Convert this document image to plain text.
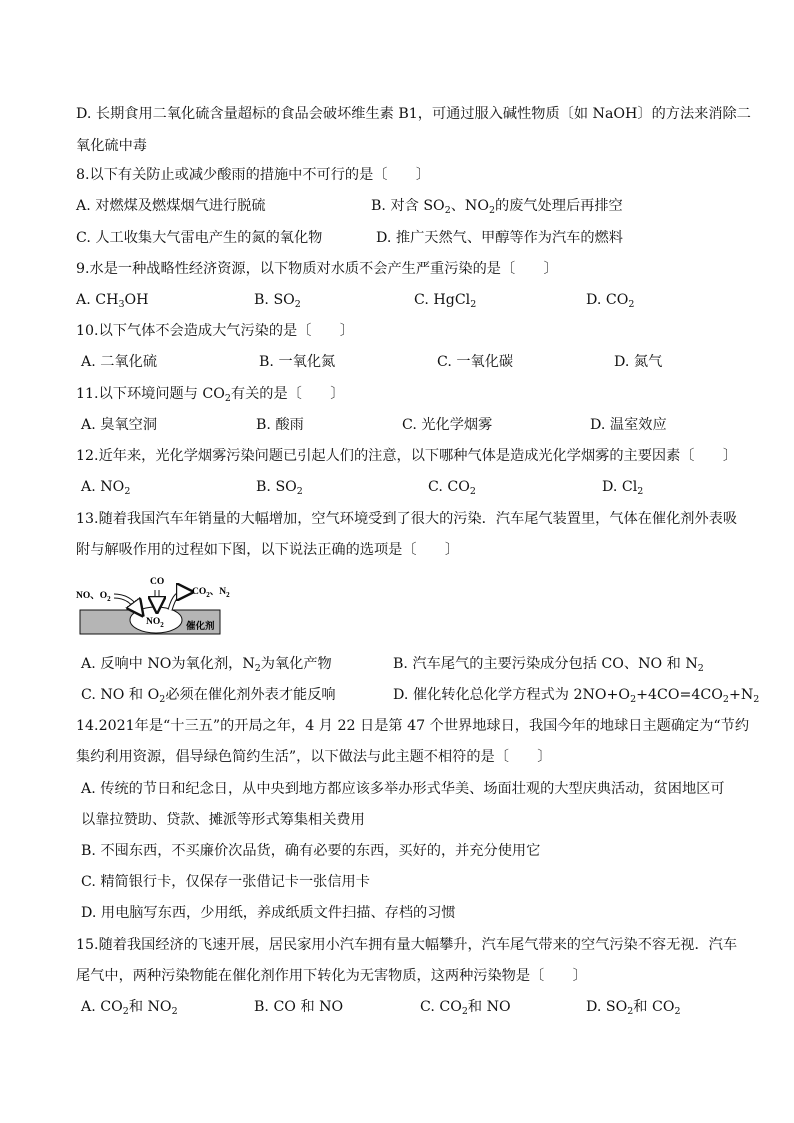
D. 长期食用二氧化硫含量超标的食品会破坏维生素 B1，可通过服入碱性物质〔如 NaOH〕的方法来消除二
氧化硫中毒
8.以下有关防止或减少酸雨的措施中不可行的是〔　　〕
A. 对燃煤及燃煤烟气进行脱硫	B. 对含 $SO_2$、$NO_2$的废气处理后再排空
C. 人工收集大气雷电产生的氮的氧化物	D. 推广天然气、甲醇等作为汽车的燃料
9.水是一种战略性经济资源，以下物质对水质不会产生严重污染的是〔　　〕
A. $CH_3OH$	B. $SO_2$	C. HgCl$_2$	D. $CO_2$
10.以下气体不会造成大气污染的是〔　　〕
A. 二氧化硫	B. 一氧化氮	C. 一氧化碳	D. 氮气
11.以下环境问题与 $CO_2$有关的是〔　　〕
A. 臭氧空洞	B. 酸雨	C. 光化学烟雾	D. 温室效应
12.近年来，光化学烟雾污染问题已引起人们的注意，以下哪种气体是造成光化学烟雾的主要因素〔　　〕
A. $NO_2$	B. $SO_2$	C. $CO_2$	D. $Cl_2$
13.随着我国汽车年销量的大幅增加，空气环境受到了很大的污染．汽车尾气装置里，气体在催化剂外表吸
附与解吸作用的过程如下图，以下说法正确的选项是〔　　〕
NO、$O_2$
CO
$CO_2$、$N_2$
$NO_2$ 催化剂
A. 反响中 NO为氧化剂，$N_2$为氧化产物	B. 汽车尾气的主要污染成分包括 CO、NO 和 $N_2$
C. NO 和 $O_2$必须在催化剂外表才能反响	D. 催化转化总化学方程式为 $2NO+O_2+4CO=4CO_2+N_2$
14.2021年是“十三五”的开局之年，4 月 22 日是第 47 个世界地球日，我国今年的地球日主题确定为“节约
集约利用资源，倡导绿色简约生活”，以下做法与此主题不相符的是〔　　〕
A. 传统的节日和纪念日，从中央到地方都应该多举办形式华美、场面壮观的大型庆典活动，贫困地区可
以靠拉赞助、贷款、摊派等形式筹集相关费用
B. 不囤东西，不买廉价次品货，确有必要的东西，买好的，并充分使用它
C. 精简银行卡，仅保存一张借记卡一张信用卡
D. 用电脑写东西，少用纸，养成纸质文件扫描、存档的习惯
15.随着我国经济的飞速开展，居民家用小汽车拥有量大幅攀升，汽车尾气带来的空气污染不容无视．汽车
尾气中，两种污染物能在催化剂作用下转化为无害物质，这两种污染物是〔　　〕
A. $CO_2$和 $NO_2$	B. CO 和 NO	C. $CO_2$和 NO	D. $SO_2$和 $CO_2$
